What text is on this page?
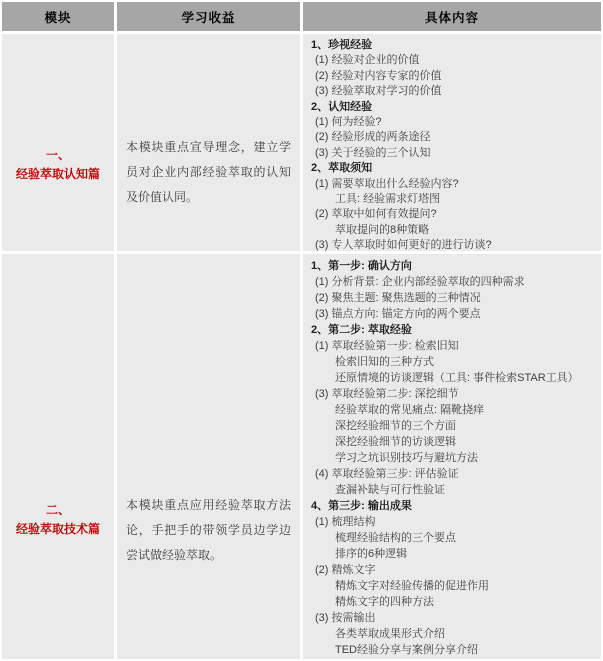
模块	学习收益	具体内容
一、
经验萃取认知篇
本模块重点宣导理念，建立学员对企业内部经验萃取的认知及价值认同。
1、珍视经验
(1) 经验对企业的价值
(2) 经验对内容专家的价值
(3) 经验萃取对学习的价值
2、认知经验
(1) 何为经验?
(2) 经验形成的两条途径
(3) 关于经验的三个认知
2、萃取须知
(1) 需要萃取出什么经验内容?
工具: 经验需求灯塔图
(2) 萃取中如何有效提问?
萃取提问的8种策略
(3) 专人萃取时如何更好的进行访谈?
二、
经验萃取技术篇
本模块重点应用经验萃取方法论，手把手的带领学员边学边尝试做经验萃取。
1、第一步: 确认方向
(1) 分析背景: 企业内部经验萃取的四种需求
(2) 聚焦主题: 聚焦选题的三种情况
(3) 锚点方向: 锚定方向的两个要点
2、第二步: 萃取经验
(1) 萃取经验第一步: 检索旧知
检索旧知的三种方式
还原情境的访谈逻辑（工具: 事件检索STAR工具）
(3) 萃取经验第二步: 深挖细节
经验萃取的常见痛点: 隔靴挠痒
深挖经验细节的三个方面
深挖经验细节的访谈逻辑
学习之坑识别技巧与避坑方法
(4) 萃取经验第三步: 评估验证
查漏补缺与可行性验证
4、第三步: 输出成果
(1) 梳理结构
梳理经验结构的三个要点
排序的6种逻辑
(2) 精炼文字
精炼文字对经验传播的促进作用
精炼文字的四种方法
(3) 按需输出
各类萃取成果形式介绍
TED经验分享与案例分享介绍
